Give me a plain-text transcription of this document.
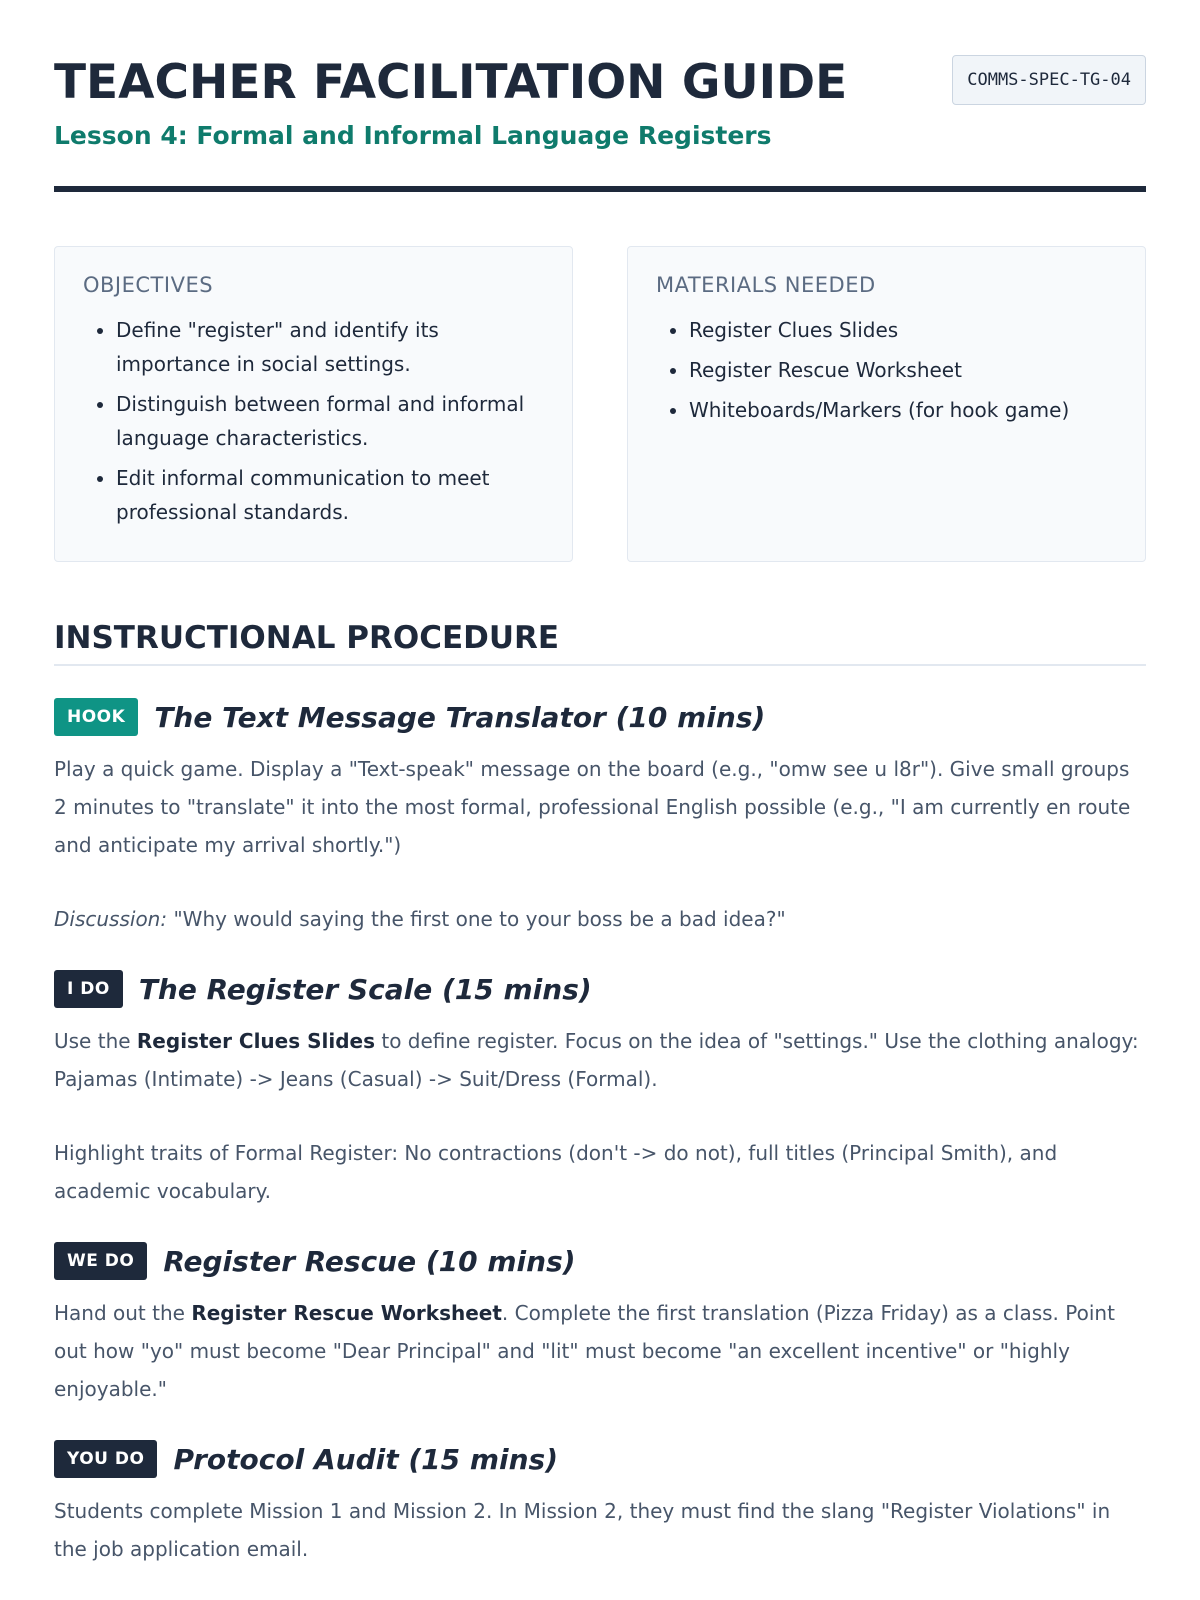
TEACHER FACILITATION GUIDE
Lesson 4: Formal and Informal Language Registers
COMMS-SPEC-TG-04
OBJECTIVES
• Define "register" and identify its importance in social settings.
• Distinguish between formal and informal language characteristics.
• Edit informal communication to meet professional standards.
MATERIALS NEEDED
• Register Clues Slides
• Register Rescue Worksheet
• Whiteboards/Markers (for hook game)
INSTRUCTIONAL PROCEDURE
HOOK	The Text Message Translator (10 mins)

Play a quick game. Display a "Text-speak" message on the board (e.g., "omw see u l8r"). Give small groups 2 minutes to "translate" it into the most formal, professional English possible (e.g., "I am currently en route and anticipate my arrival shortly.")

Discussion: "Why would saying the first one to your boss be a bad idea?"

I DO	The Register Scale (15 mins)

Use the Register Clues Slides to define register. Focus on the idea of "settings." Use the clothing analogy: Pajamas (Intimate) -> Jeans (Casual) -> Suit/Dress (Formal).

Highlight traits of Formal Register: No contractions (don't -> do not), full titles (Principal Smith), and academic vocabulary.

WE DO	Register Rescue (10 mins)

Hand out the Register Rescue Worksheet. Complete the first translation (Pizza Friday) as a class. Point out how "yo" must become "Dear Principal" and "lit" must become "an excellent incentive" or "highly enjoyable."

YOU DO	Protocol Audit (15 mins)

Students complete Mission 1 and Mission 2. In Mission 2, they must find the slang "Register Violations" in the job application email.
